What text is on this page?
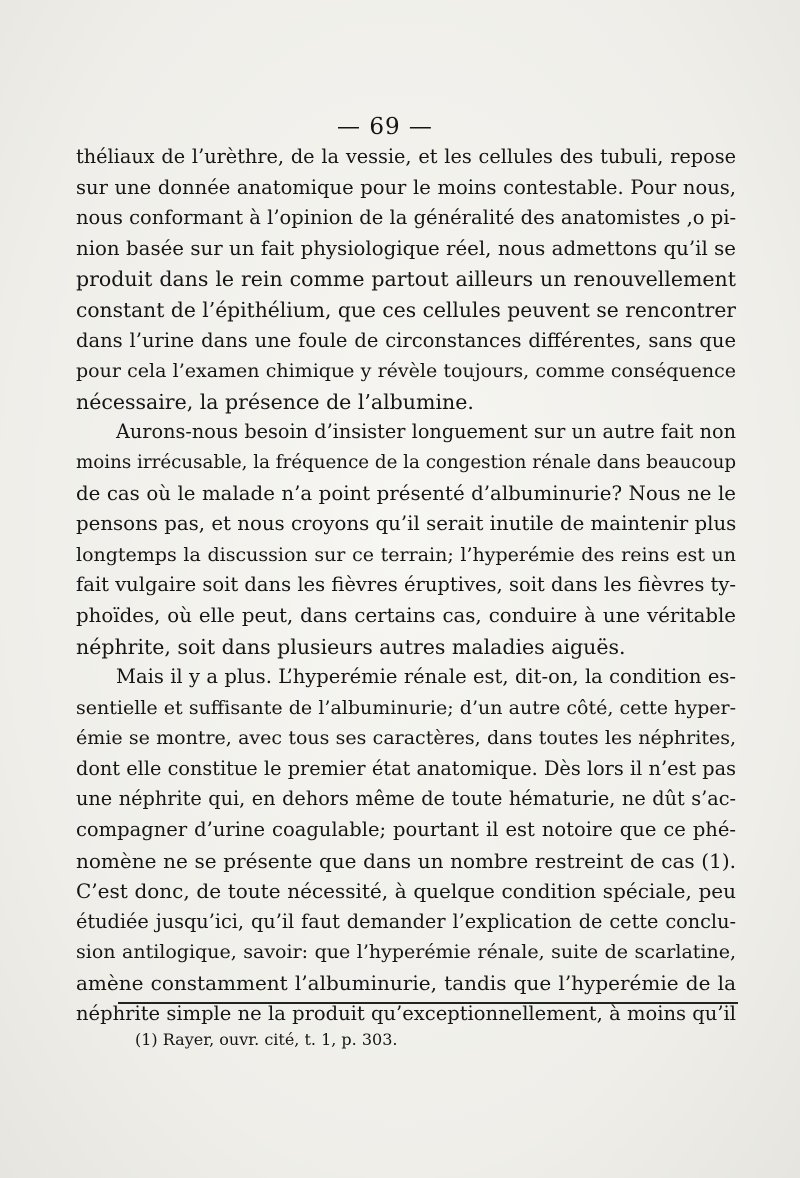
— 69 —

théliaux de l’urèthre, de la vessie, et les cellules des tubuli, repose
sur une donnée anatomique pour le moins contestable. Pour nous,
nous conformant à l’opinion de la généralité des anatomistes ,o pi-
nion basée sur un fait physiologique réel, nous admettons qu’il se
produit dans le rein comme partout ailleurs un renouvellement
constant de l’épithélium, que ces cellules peuvent se rencontrer
dans l’urine dans une foule de circonstances différentes, sans que
pour cela l’examen chimique y révèle toujours, comme conséquence
nécessaire, la présence de l’albumine.

Aurons-nous besoin d’insister longuement sur un autre fait non
moins irrécusable, la fréquence de la congestion rénale dans beaucoup
de cas où le malade n’a point présenté d’albuminurie? Nous ne le
pensons pas, et nous croyons qu’il serait inutile de maintenir plus
longtemps la discussion sur ce terrain; l’hyperémie des reins est un
fait vulgaire soit dans les fièvres éruptives, soit dans les fièvres ty-
phoïdes, où elle peut, dans certains cas, conduire à une véritable
néphrite, soit dans plusieurs autres maladies aiguës.

Mais il y a plus. L’hyperémie rénale est, dit-on, la condition es-
sentielle et suffisante de l’albuminurie; d’un autre côté, cette hyper-
émie se montre, avec tous ses caractères, dans toutes les néphrites,
dont elle constitue le premier état anatomique. Dès lors il n’est pas
une néphrite qui, en dehors même de toute hématurie, ne dût s’ac-
compagner d’urine coagulable; pourtant il est notoire que ce phé-
nomène ne se présente que dans un nombre restreint de cas (1).
C’est donc, de toute nécessité, à quelque condition spéciale, peu
étudiée jusqu’ici, qu’il faut demander l’explication de cette conclu-
sion antilogique, savoir: que l’hyperémie rénale, suite de scarlatine,
amène constamment l’albuminurie, tandis que l’hyperémie de la
néphrite simple ne la produit qu’exceptionnellement, à moins qu’il

(1) Rayer, ouvr. cité, t. 1, p. 303.
